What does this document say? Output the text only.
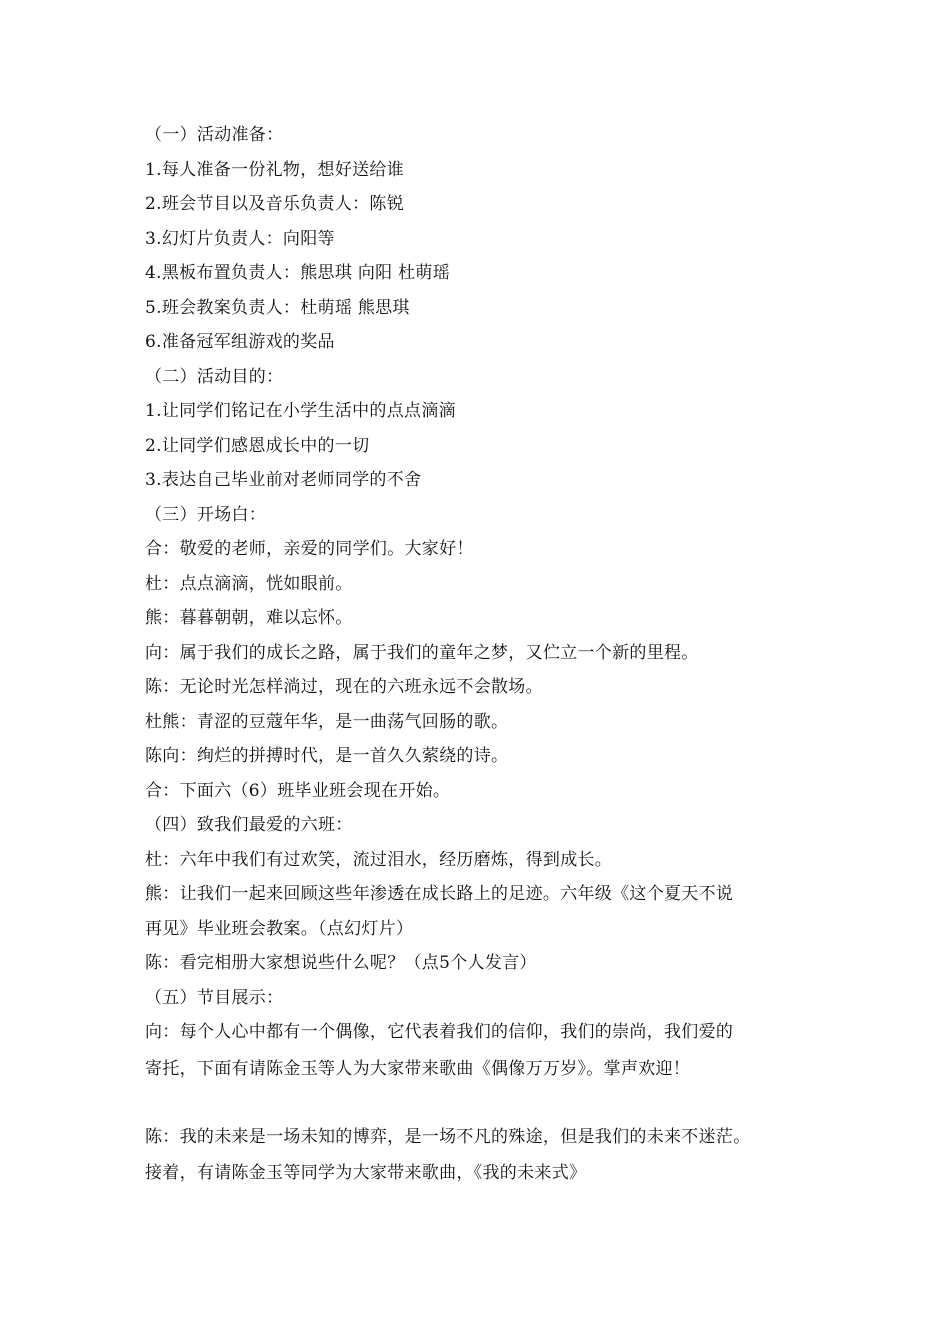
（一）活动准备：
1.每人准备一份礼物，想好送给谁
2.班会节目以及音乐负责人：陈锐
3.幻灯片负责人：向阳等
4.黑板布置负责人：熊思琪 向阳 杜萌瑶
5.班会教案负责人：杜萌瑶 熊思琪
6.准备冠军组游戏的奖品
（二）活动目的：
1.让同学们铭记在小学生活中的点点滴滴
2.让同学们感恩成长中的一切
3.表达自己毕业前对老师同学的不舍
（三）开场白：
合：敬爱的老师，亲爱的同学们。大家好！
杜：点点滴滴，恍如眼前。
熊：暮暮朝朝，难以忘怀。
向：属于我们的成长之路，属于我们的童年之梦，又伫立一个新的里程。
陈：无论时光怎样淌过，现在的六班永远不会散场。
杜熊：青涩的豆蔻年华，是一曲荡气回肠的歌。
陈向：绚烂的拼搏时代，是一首久久萦绕的诗。
合：下面六（6）班毕业班会现在开始。
（四）致我们最爱的六班：
杜：六年中我们有过欢笑，流过泪水，经历磨炼，得到成长。
熊：让我们一起来回顾这些年渗透在成长路上的足迹。六年级《这个夏天不说
再见》毕业班会教案。（点幻灯片）
陈：看完相册大家想说些什么呢？（点5个人发言）
（五）节目展示：
向：每个人心中都有一个偶像，它代表着我们的信仰，我们的崇尚，我们爱的
寄托，下面有请陈金玉等人为大家带来歌曲《偶像万万岁》。掌声欢迎！
陈：我的未来是一场未知的博弈，是一场不凡的殊途，但是我们的未来不迷茫。
接着，有请陈金玉等同学为大家带来歌曲，《我的未来式》
